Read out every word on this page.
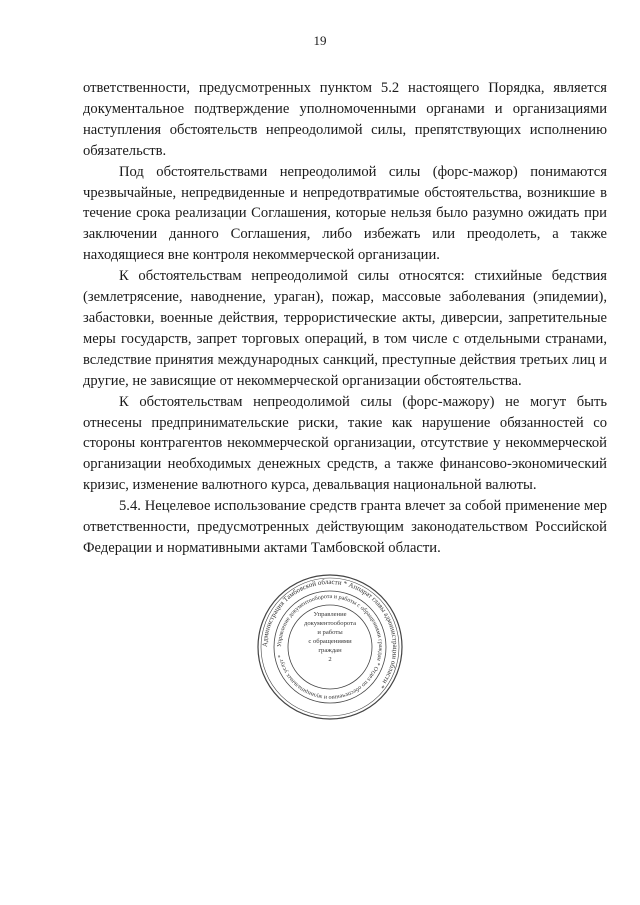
19

ответственности, предусмотренных пунктом 5.2 настоящего Порядка, является документальное подтверждение уполномоченными органами и организациями наступления обстоятельств непреодолимой силы, препятствующих исполнению обязательств.

Под обстоятельствами непреодолимой силы (форс-мажор) понимаются чрезвычайные, непредвиденные и непредотвратимые обстоятельства, возникшие в течение срока реализации Соглашения, которые нельзя было разумно ожидать при заключении данного Соглашения, либо избежать или преодолеть, а также находящиеся вне контроля некоммерческой организации.

К обстоятельствам непреодолимой силы относятся: стихийные бедствия (землетрясение, наводнение, ураган), пожар, массовые заболевания (эпидемии), забастовки, военные действия, террористические акты, диверсии, запретительные меры государств, запрет торговых операций, в том числе с отдельными странами, вследствие принятия международных санкций, преступные действия третьих лиц и другие, не зависящие от некоммерческой организации обстоятельства.

К обстоятельствам непреодолимой силы (форс-мажору) не могут быть отнесены предпринимательские риски, такие как нарушение обязанностей со стороны контрагентов некоммерческой организации, отсутствие у некоммерческой организации необходимых денежных средств, а также финансово-экономический кризис, изменение валютного курса, девальвация национальной валюты.

5.4. Нецелевое использование средств гранта влечет за собой применение мер ответственности, предусмотренных действующим законодательством Российской Федерации и нормативными актами Тамбовской области.

Администрация Тамбовской области * Аппарат главы администрации области *
Управление документооборота и работы с обращениями граждан * Отдел по обеспечению и муниципальных услуг *
Управление
документооборота
и работы
с обращениями
граждан
2
